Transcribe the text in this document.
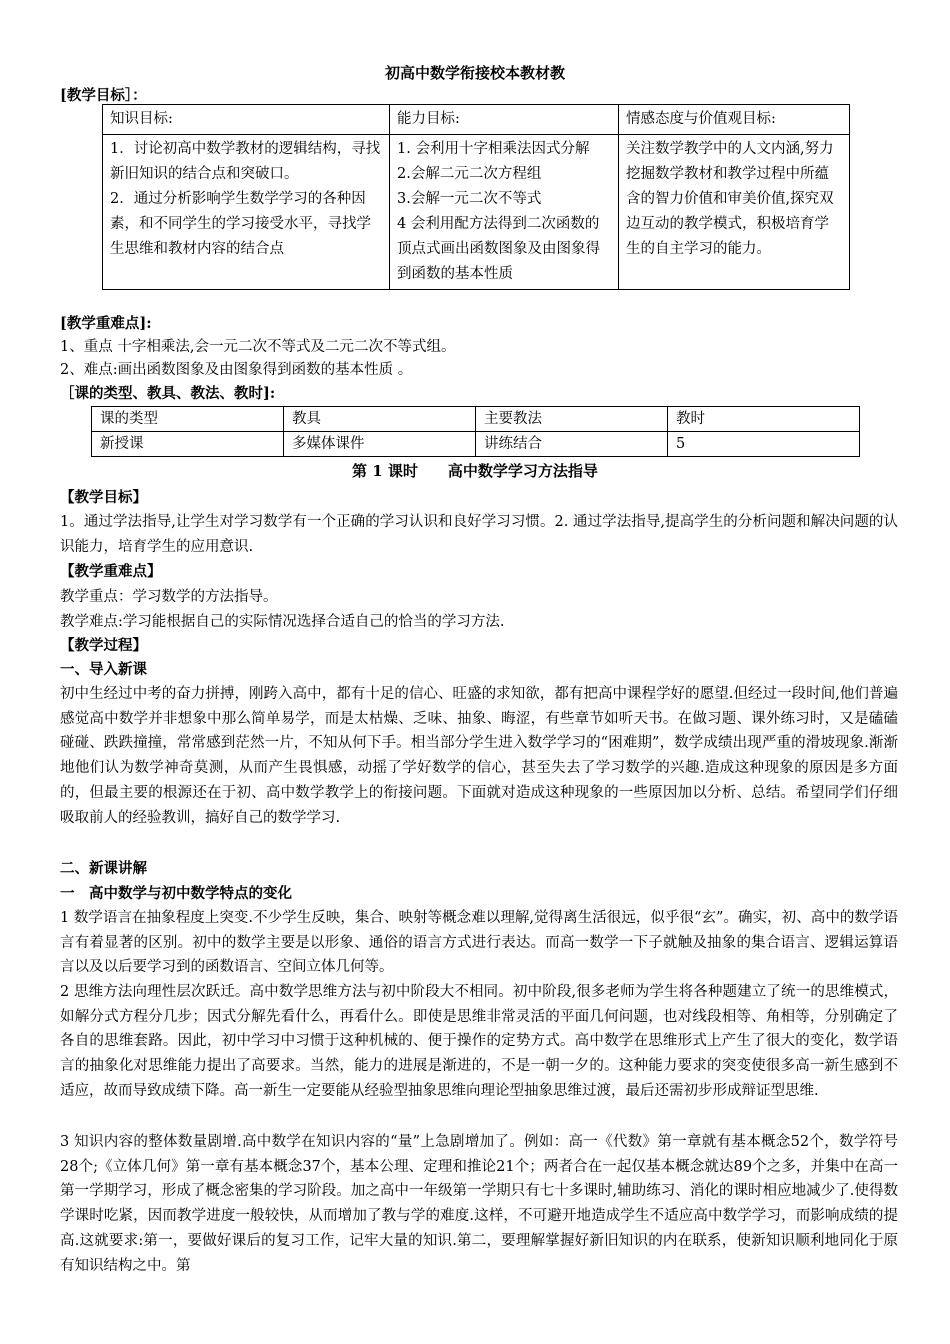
初高中数学衔接校本教材教
[教学目标］：
知识目标:	能力目标:	情感态度与价值观目标:

1．讨论初高中数学教材的逻辑结构，寻找新旧知识的结合点和突破口。
2．通过分析影响学生数学学习的各种因素，和不同学生的学习接受水平，寻找学生思维和教材内容的结合点	1. 会利用十字相乘法因式分解
2.会解二元二次方程组
3.会解一元二次不等式
4 会利用配方法得到二次函数的顶点式画出函数图象及由图象得到函数的基本性质	关注数学教学中的人文内涵,努力挖掘数学教材和教学过程中所蕴含的智力价值和审美价值,探究双边互动的教学模式，积极培育学生的自主学习的能力。
[教学重难点]:
1、重点 十字相乘法,会一元二次不等式及二元二次不等式组。
2、难点:画出函数图象及由图象得到函数的基本性质 。
［课的类型、教具、教法、教时]:
课的类型	教具	主要教法	教时
新授课	多媒体课件	讲练结合	5
第 1 课时　　高中数学学习方法指导
【教学目标】
1。通过学法指导,让学生对学习数学有一个正确的学习认识和良好学习习惯。2. 通过学法指导,提高学生的分析问题和解决问题的认识能力，培育学生的应用意识.
【教学重难点】
教学重点：学习数学的方法指导。
教学难点:学习能根据自己的实际情况选择合适自己的恰当的学习方法.
【教学过程】
一、导入新课
初中生经过中考的奋力拼搏，刚跨入高中，都有十足的信心、旺盛的求知欲，都有把高中课程学好的愿望.但经过一段时间,他们普遍感觉高中数学并非想象中那么简单易学，而是太枯燥、乏味、抽象、晦涩，有些章节如听天书。在做习题、课外练习时，又是磕磕碰碰、跌跌撞撞，常常感到茫然一片，不知从何下手。相当部分学生进入数学学习的“困难期”，数学成绩出现严重的滑坡现象.渐渐地他们认为数学神奇莫测，从而产生畏惧感，动摇了学好数学的信心，甚至失去了学习数学的兴趣.造成这种现象的原因是多方面的，但最主要的根源还在于初、高中数学教学上的衔接问题。下面就对造成这种现象的一些原因加以分析、总结。希望同学们仔细吸取前人的经验教训，搞好自己的数学学习.
二、新课讲解
一　高中数学与初中数学特点的变化
1 数学语言在抽象程度上突变.不少学生反映，集合、映射等概念难以理解,觉得离生活很远，似乎很“玄”。确实，初、高中的数学语言有着显著的区别。初中的数学主要是以形象、通俗的语言方式进行表达。而高一数学一下子就触及抽象的集合语言、逻辑运算语言以及以后要学习到的函数语言、空间立体几何等。
2 思维方法向理性层次跃迁。高中数学思维方法与初中阶段大不相同。初中阶段,很多老师为学生将各种题建立了统一的思维模式，如解分式方程分几步；因式分解先看什么，再看什么。即使是思维非常灵活的平面几何问题，也对线段相等、角相等，分别确定了各自的思维套路。因此，初中学习中习惯于这种机械的、便于操作的定势方式。高中数学在思维形式上产生了很大的变化，数学语言的抽象化对思维能力提出了高要求。当然，能力的进展是渐进的，不是一朝一夕的。这种能力要求的突变使很多高一新生感到不适应，故而导致成绩下降。高一新生一定要能从经验型抽象思维向理论型抽象思维过渡，最后还需初步形成辩证型思维.
3 知识内容的整体数量剧增.高中数学在知识内容的“量”上急剧增加了。例如：高一《代数》第一章就有基本概念52个，数学符号28个;《立体几何》第一章有基本概念37个，基本公理、定理和推论21个；两者合在一起仅基本概念就达89个之多，并集中在高一第一学期学习，形成了概念密集的学习阶段。加之高中一年级第一学期只有七十多课时,辅助练习、消化的课时相应地减少了.使得数学课时吃紧，因而教学进度一般较快，从而增加了教与学的难度.这样，不可避开地造成学生不适应高中数学学习，而影响成绩的提高.这就要求:第一，要做好课后的复习工作，记牢大量的知识.第二，要理解掌握好新旧知识的内在联系，使新知识顺利地同化于原有知识结构之中。第
